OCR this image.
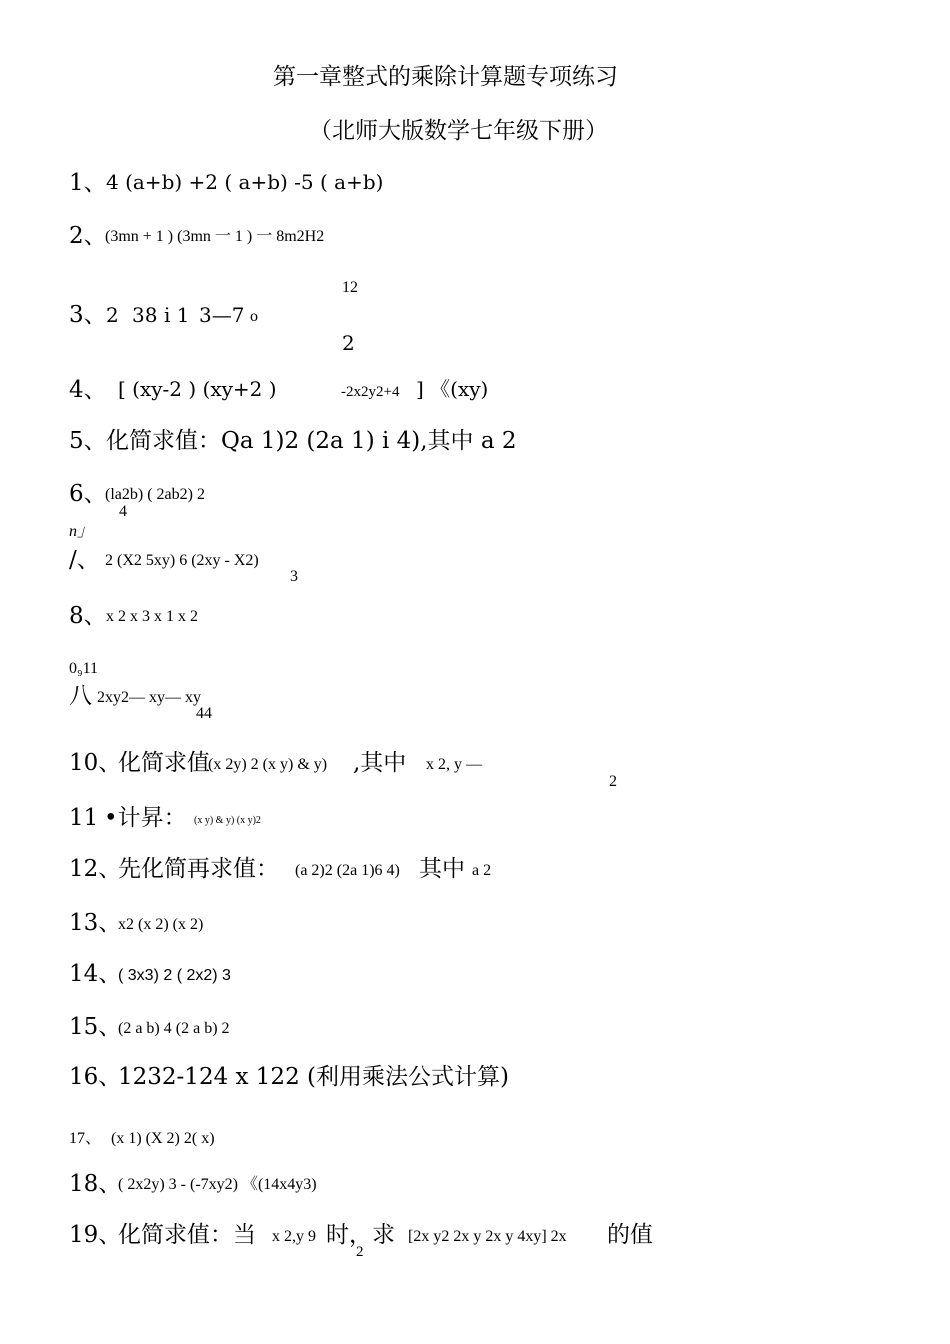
第一章整式的乘除计算题专项练习
（北师大版数学七年级下册）
1、 4 (a+b) +2 ( a+b) -5 ( a+b)
2、
(3mn + 1 ) (3mn 一 1 ) 一 8m2H2
12
3、 2 38 i 1 3—7 o
2
4、 [ (xy-2 ) (xy+2 )	-2x2y2+4 ] 《(xy)
5、 化简求值：Qa 1)2 (2a 1) i 4),其中 a 2
6、
(la2b) ( 2ab2) 2
4
n」
/、 2 (X2 5xy) 6 (2xy - X2)
3
8、 x 2 x 3 x 1 x 2
0₉11
八 2xy2— xy— xy
44
10、
化简求值
(x 2y) 2 (x y) & y) ,其中 x 2, y —
2
11 •计昇： (x y) & y) (x y)2
12、
先化简再求值： (a 2)2 (2a 1)6 4) 其中 a 2
13、
x2 (x 2) (x 2)
14、
( 3x3) 2 ( 2x2) 3
15、
(2 a b) 4 (2 a b) 2
16、
1232-124 x 122 (利用乘法公式计算)
17、 (x 1) (X 2) 2( x)
18、
( 2x2y) 3 - (-7xy2) 《(14x4y3)
19、
化简求值：当 x 2,y 9 时，求 [2x y2 2x y 2x y 4xy] 2x 的值
2
